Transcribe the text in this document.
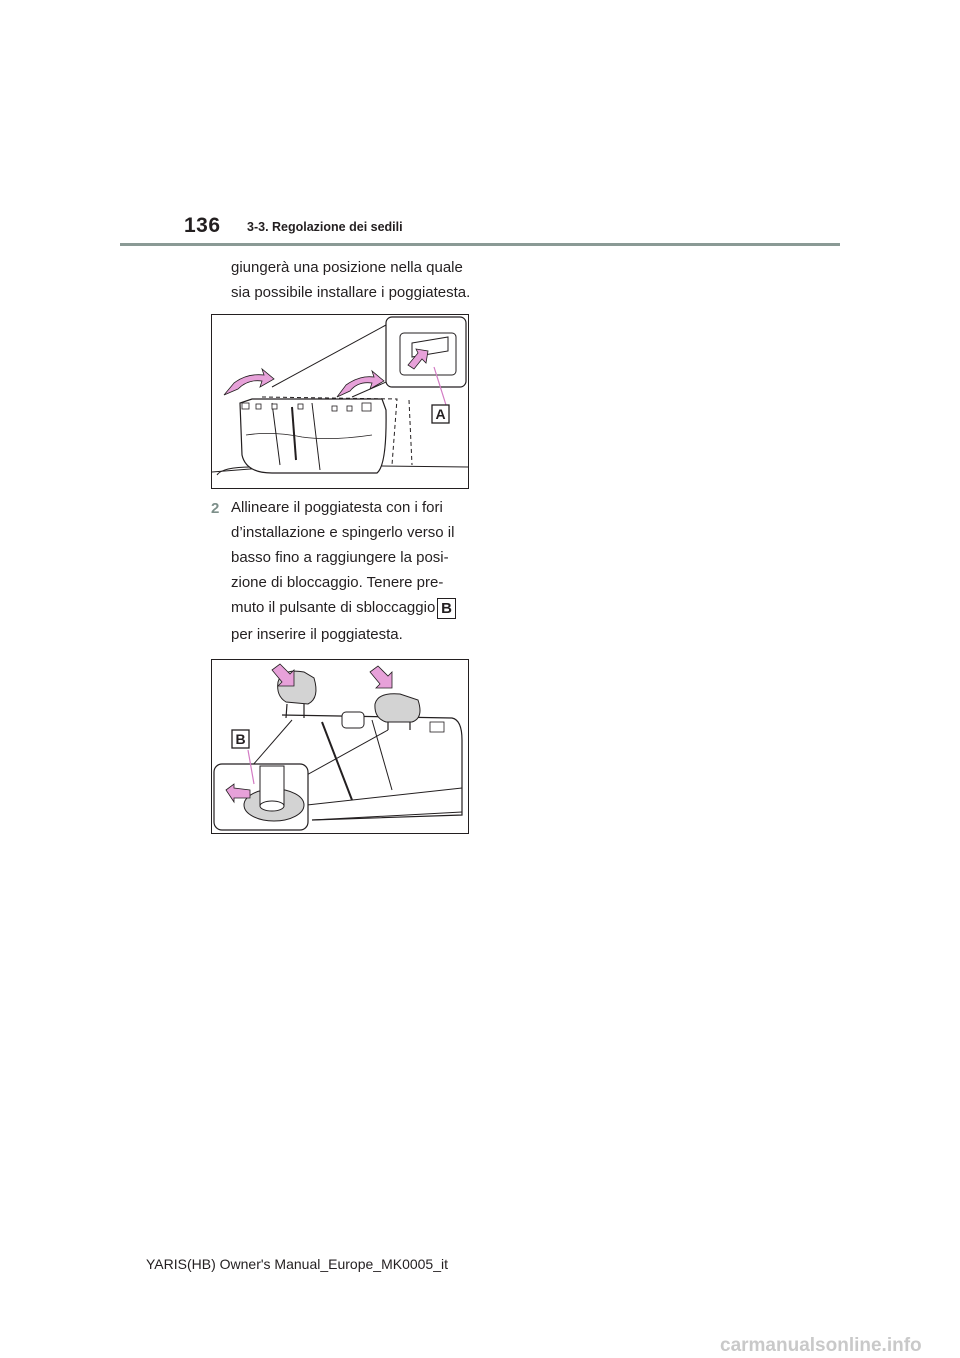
136 3-3. Regolazione dei sedili
giungerà una posizione nella quale
sia possibile installare i poggiatesta.
A
2 Allineare il poggiatesta con i fori
d’installazione e spingerlo verso il
basso fino a raggiungere la posi-
zione di bloccaggio. Tenere pre-
muto il pulsante di sbloccaggio B
per inserire il poggiatesta.
B
YARIS(HB) Owner's Manual_Europe_MK0005_it
carmanualsonline.info
